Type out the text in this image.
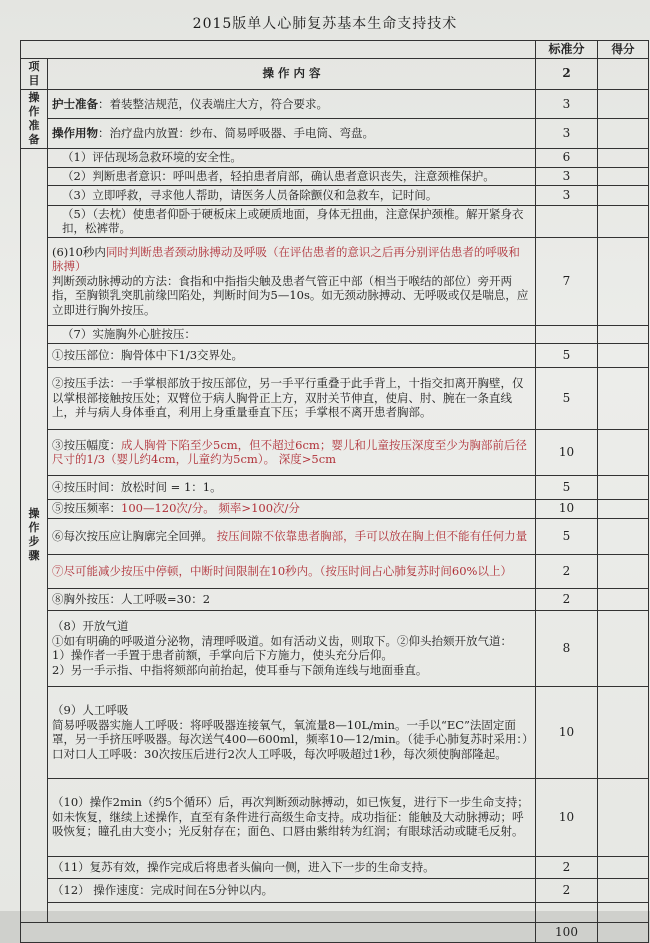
2015版单人心肺复苏基本生命支持技术
		标准分	得分
项目	操 作 内 容	2	
操作准备	护士准备：着装整洁规范，仪表端庄大方，符合要求。	3	
	操作用物：治疗盘内放置：纱布、简易呼吸器、手电筒、弯盘。	3	
操作步骤	（1）评估现场急救环境的安全性。	6	
	（2）判断患者意识：呼叫患者，轻拍患者肩部，确认患者意识丧失，注意颈椎保护。	3	
	（3）立即呼救，寻求他人帮助，请医务人员备除颤仪和急救车，记时间。	3	
	（5）（去枕）使患者仰卧于硬板床上或硬质地面，身体无扭曲，注意保护颈椎。解开紧身衣扣，松裤带。		
	(6)10秒内同时判断患者颈动脉搏动及呼吸（在评估患者的意识之后再分别评估患者的呼吸和脉搏）
判断颈动脉搏动的方法：食指和中指指尖触及患者气管正中部（相当于喉结的部位）旁开两指，至胸锁乳突肌前缘凹陷处，判断时间为5—10s。如无颈动脉搏动、无呼吸或仅是喘息，应立即进行胸外按压。	7	
	（7）实施胸外心脏按压：		
	①按压部位：胸骨体中下1/3交界处。	5	
	②按压手法：一手掌根部放于按压部位，另一手平行重叠于此手背上，十指交扣离开胸壁，仅以掌根部接触按压处；双臂位于病人胸骨正上方，双肘关节伸直，使肩、肘、腕在一条直线上，并与病人身体垂直，利用上身重量垂直下压；手掌根不离开患者胸部。	5	
	③按压幅度：成人胸骨下陷至少5cm，但不超过6cm；婴儿和儿童按压深度至少为胸部前后径尺寸的1/3（婴儿约4cm，儿童约为5cm）。 深度>5cm	10	
	④按压时间：放松时间 = 1：1。	5	
	⑤按压频率：100—120次/分。 频率>100次/分	10	
	⑥每次按压应让胸廓完全回弹。 按压间隙不依靠患者胸部，手可以放在胸上但不能有任何力量	5	
	⑦尽可能减少按压中停顿，中断时间限制在10秒内。（按压时间占心肺复苏时间60%以上）	2	
	⑧胸外按压：人工呼吸=30：2	2	
	（8）开放气道
①如有明确的呼吸道分泌物，清理呼吸道。如有活动义齿，则取下。②仰头抬颏开放气道：
1）操作者一手置于患者前额，手掌向后下方施力，使头充分后仰。
2）另一手示指、中指将颏部向前抬起，使耳垂与下颌角连线与地面垂直。	8	
	（9）人工呼吸
简易呼吸器实施人工呼吸：将呼吸器连接氧气，氧流量8—10L/min。一手以“EC”法固定面罩，另一手挤压呼吸器。每次送气400—600ml，频率10—12/min。（徒手心肺复苏时采用：）口对口人工呼吸：30次按压后进行2次人工呼吸，每次呼吸超过1秒，每次须使胸部隆起。	10	
	（10）操作2min（约5个循环）后，再次判断颈动脉搏动，如已恢复，进行下一步生命支持；如未恢复，继续上述操作，直至有条件进行高级生命支持。成功指征：能触及大动脉搏动；呼吸恢复；瞳孔由大变小；光反射存在；面色、口唇由紫绀转为红润；有眼球活动或睫毛反射。	10	
	（11）复苏有效，操作完成后将患者头偏向一侧，进入下一步的生命支持。	2	
	（12） 操作速度：完成时间在5分钟以内。	2	

		100	
